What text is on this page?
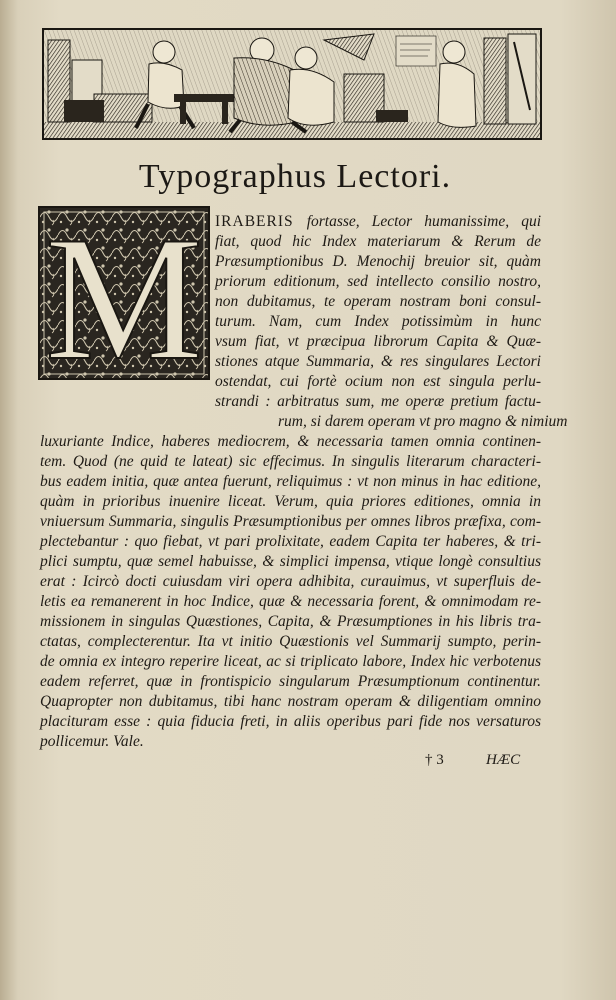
Typographus Lectori.
M IRABERIS fortasse, Lector humanissime, qui
fiat, quod hic Index materiarum & Rerum de
Præsumptionibus D. Menochij breuior sit, quàm
priorum editionum, sed intellecto consilio nostro,
non dubitamus, te operam nostram boni consul-
turum. Nam, cum Index potissimùm in hunc
vsum fiat, vt præcipua librorum Capita & Quæ-
stiones atque Summaria, & res singulares Lectori
ostendat, cui fortè ocium non est singula perlu-
strandi : arbitratus sum, me operæ pretium factu-
rum, si darem operam vt pro magno & nimium
luxuriante Indice, haberes mediocrem, & necessaria tamen omnia continen-
tem. Quod (ne quid te lateat) sic effecimus. In singulis literarum characteri-
bus eadem initia, quæ antea fuerunt, reliquimus : vt non minus in hac editione,
quàm in prioribus inuenire liceat. Verum, quia priores editiones, omnia in
vniuersum Summaria, singulis Præsumptionibus per omnes libros præfixa, com-
plectebantur : quo fiebat, vt pari prolixitate, eadem Capita ter haberes, & tri-
plici sumptu, quæ semel habuisse, & simplici impensa, vtique longè consultius
erat : Icircò docti cuiusdam viri opera adhibita, curauimus, vt superfluis de-
letis ea remanerent in hoc Indice, quæ & necessaria forent, & omnimodam re-
missionem in singulas Quæstiones, Capita, & Præsumptiones in his libris tra-
ctatas, complecterentur. Ita vt initio Quæstionis vel Summarij sumpto, perin-
de omnia ex integro reperire liceat, ac si triplicato labore, Index hic verbotenus
eadem referret, quæ in frontispicio singularum Præsumptionum continentur.
Quapropter non dubitamus, tibi hanc nostram operam & diligentiam omnino
placituram esse : quia fiducia freti, in aliis operibus pari fide nos versaturos
pollicemur. Vale.
† 3	HÆC
